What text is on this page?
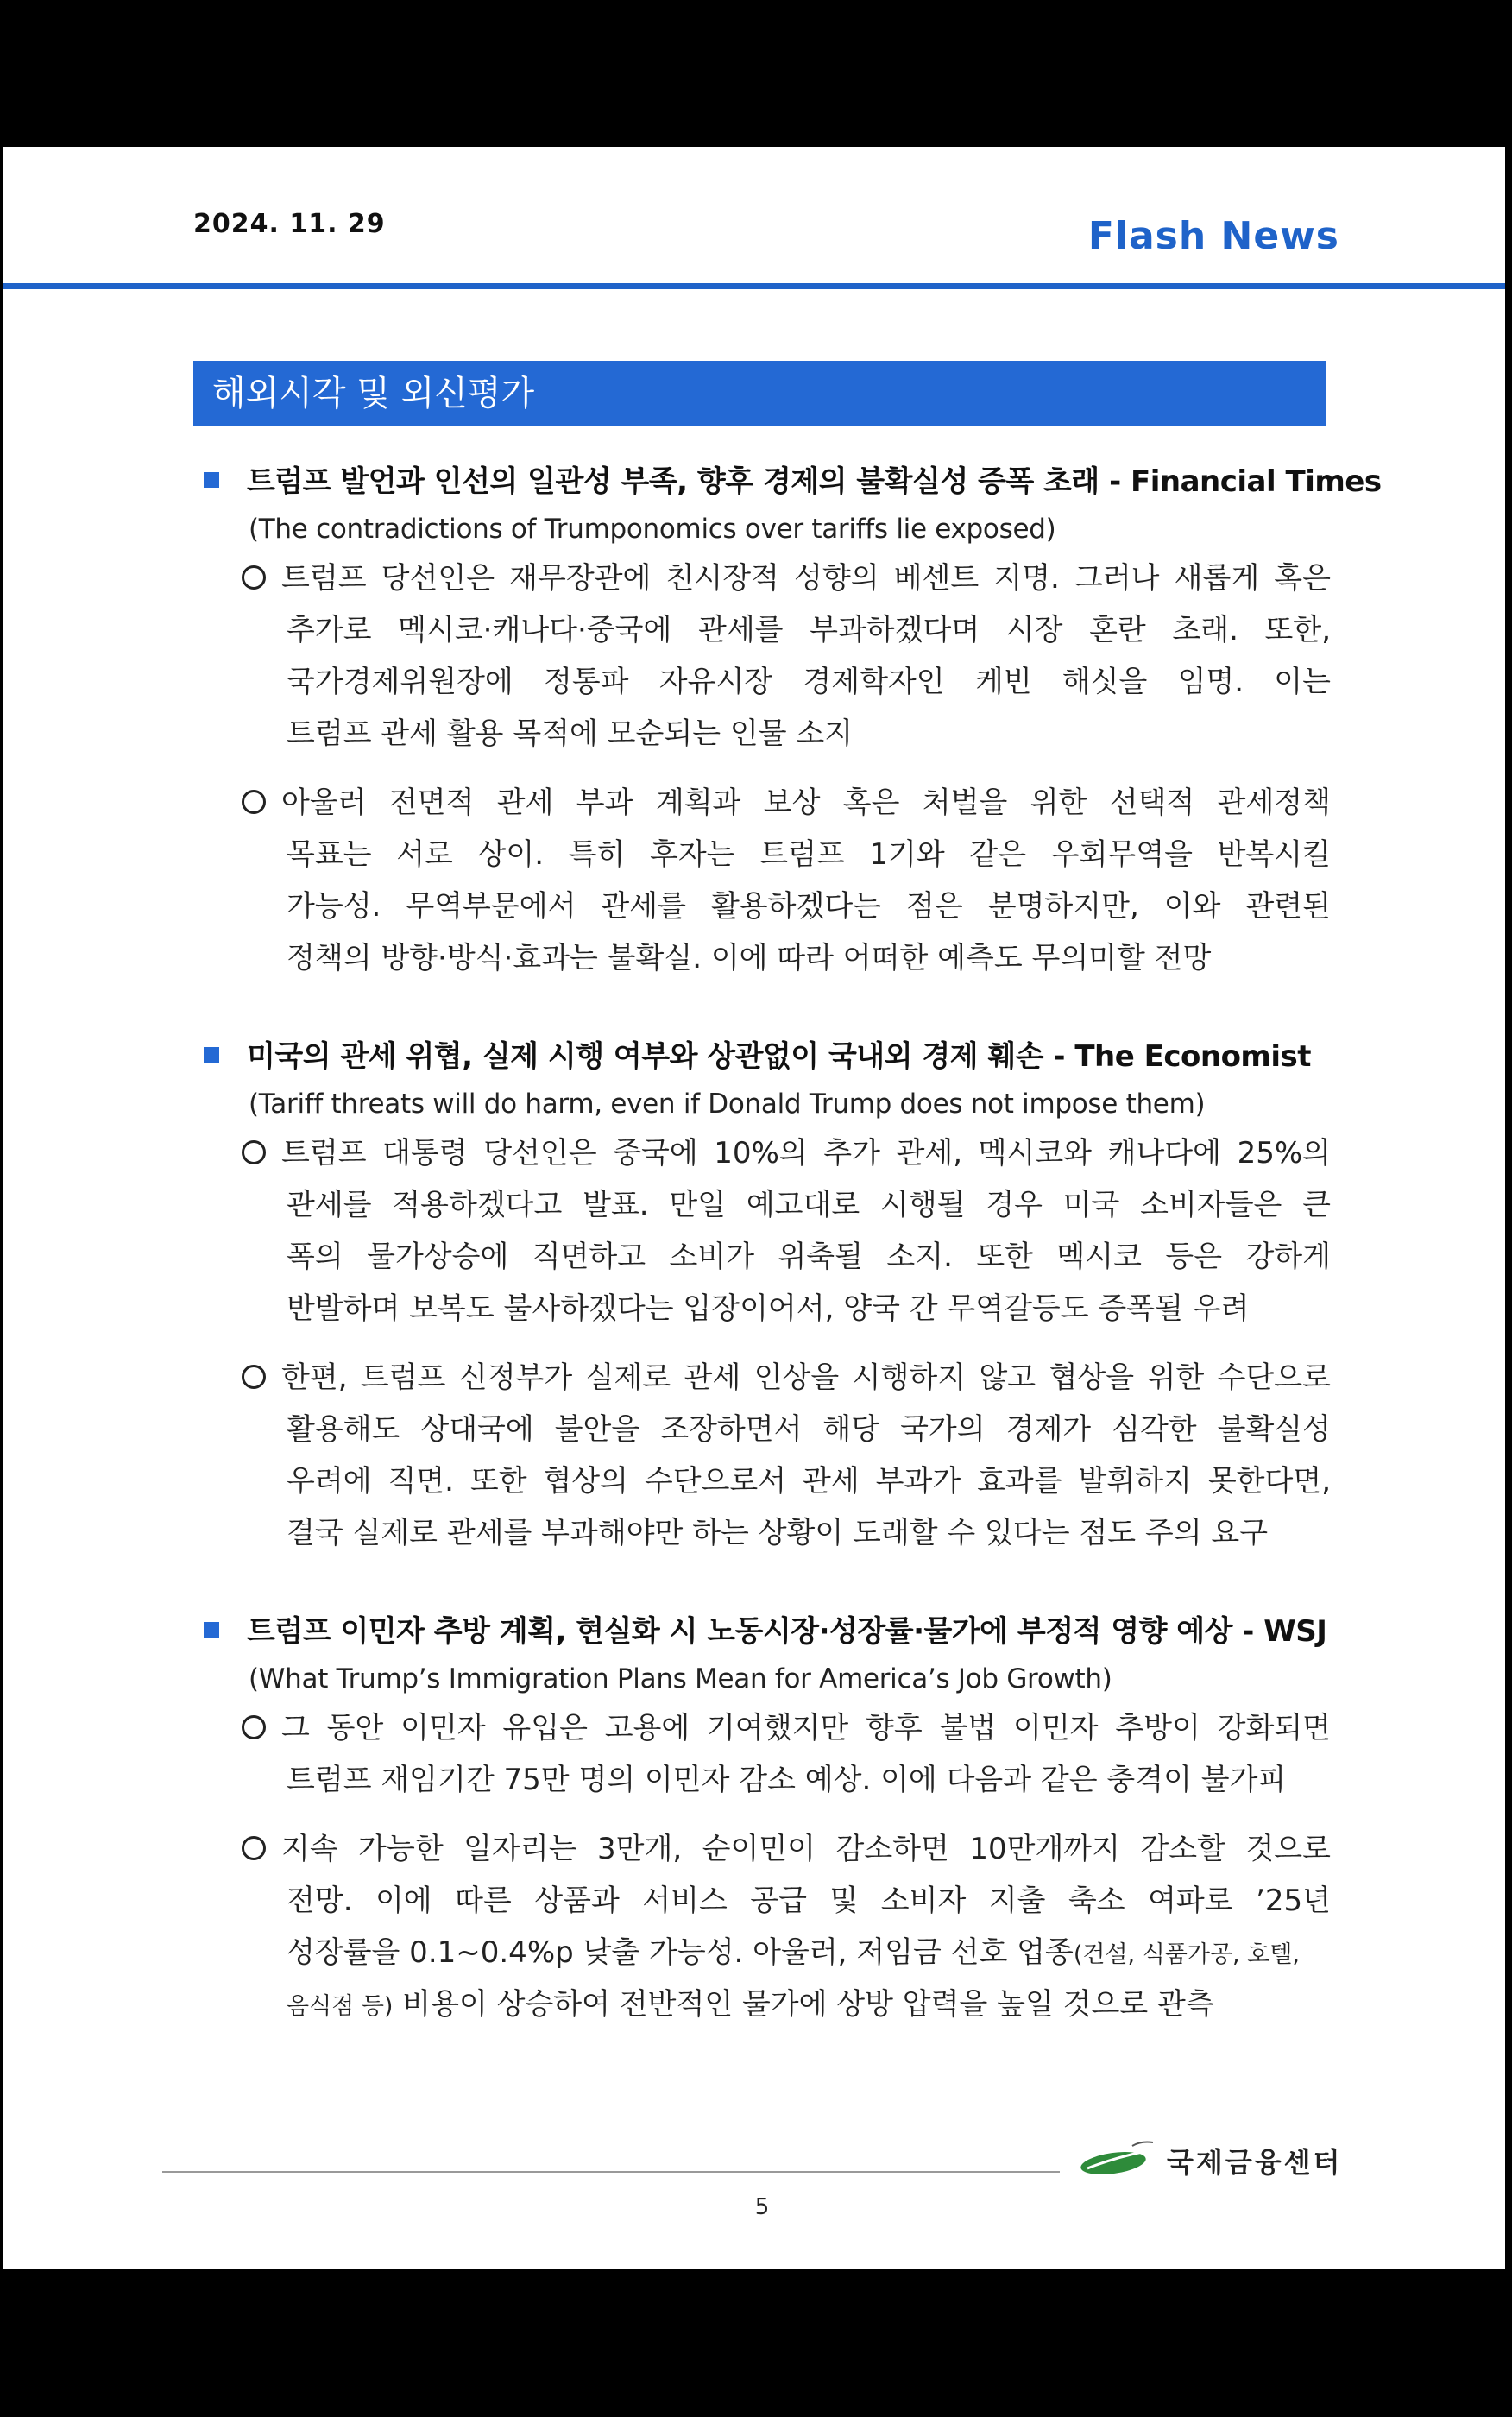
2024. 11. 29	Flash News
해외시각 및 외신평가
트럼프 발언과 인선의 일관성 부족, 향후 경제의 불확실성 증폭 초래 - Financial Times
(The contradictions of Trumponomics over tariffs lie exposed)
트럼프 당선인은 재무장관에 친시장적 성향의 베센트 지명. 그러나 새롭게 혹은
추가로 멕시코·캐나다·중국에 관세를 부과하겠다며 시장 혼란 초래. 또한,
국가경제위원장에 정통파 자유시장 경제학자인 케빈 해싯을 임명. 이는
트럼프 관세 활용 목적에 모순되는 인물 소지
아울러 전면적 관세 부과 계획과 보상 혹은 처벌을 위한 선택적 관세정책
목표는 서로 상이. 특히 후자는 트럼프 1기와 같은 우회무역을 반복시킬
가능성. 무역부문에서 관세를 활용하겠다는 점은 분명하지만, 이와 관련된
정책의 방향·방식·효과는 불확실. 이에 따라 어떠한 예측도 무의미할 전망
미국의 관세 위협, 실제 시행 여부와 상관없이 국내외 경제 훼손 - The Economist
(Tariff threats will do harm, even if Donald Trump does not impose them)
트럼프 대통령 당선인은 중국에 10%의 추가 관세, 멕시코와 캐나다에 25%의
관세를 적용하겠다고 발표. 만일 예고대로 시행될 경우 미국 소비자들은 큰
폭의 물가상승에 직면하고 소비가 위축될 소지. 또한 멕시코 등은 강하게
반발하며 보복도 불사하겠다는 입장이어서, 양국 간 무역갈등도 증폭될 우려
한편, 트럼프 신정부가 실제로 관세 인상을 시행하지 않고 협상을 위한 수단으로
활용해도 상대국에 불안을 조장하면서 해당 국가의 경제가 심각한 불확실성
우려에 직면. 또한 협상의 수단으로서 관세 부과가 효과를 발휘하지 못한다면,
결국 실제로 관세를 부과해야만 하는 상황이 도래할 수 있다는 점도 주의 요구
트럼프 이민자 추방 계획, 현실화 시 노동시장·성장률·물가에 부정적 영향 예상 - WSJ
(What Trump’s Immigration Plans Mean for America’s Job Growth)
그 동안 이민자 유입은 고용에 기여했지만 향후 불법 이민자 추방이 강화되면
트럼프 재임기간 75만 명의 이민자 감소 예상. 이에 다음과 같은 충격이 불가피
지속 가능한 일자리는 3만개, 순이민이 감소하면 10만개까지 감소할 것으로
전망. 이에 따른 상품과 서비스 공급 및 소비자 지출 축소 여파로 ’25년
성장률을 0.1~0.4%p 낮출 가능성. 아울러, 저임금 선호 업종(건설, 식품가공, 호텔,
음식점 등) 비용이 상승하여 전반적인 물가에 상방 압력을 높일 것으로 관측
국제금융센터
5
